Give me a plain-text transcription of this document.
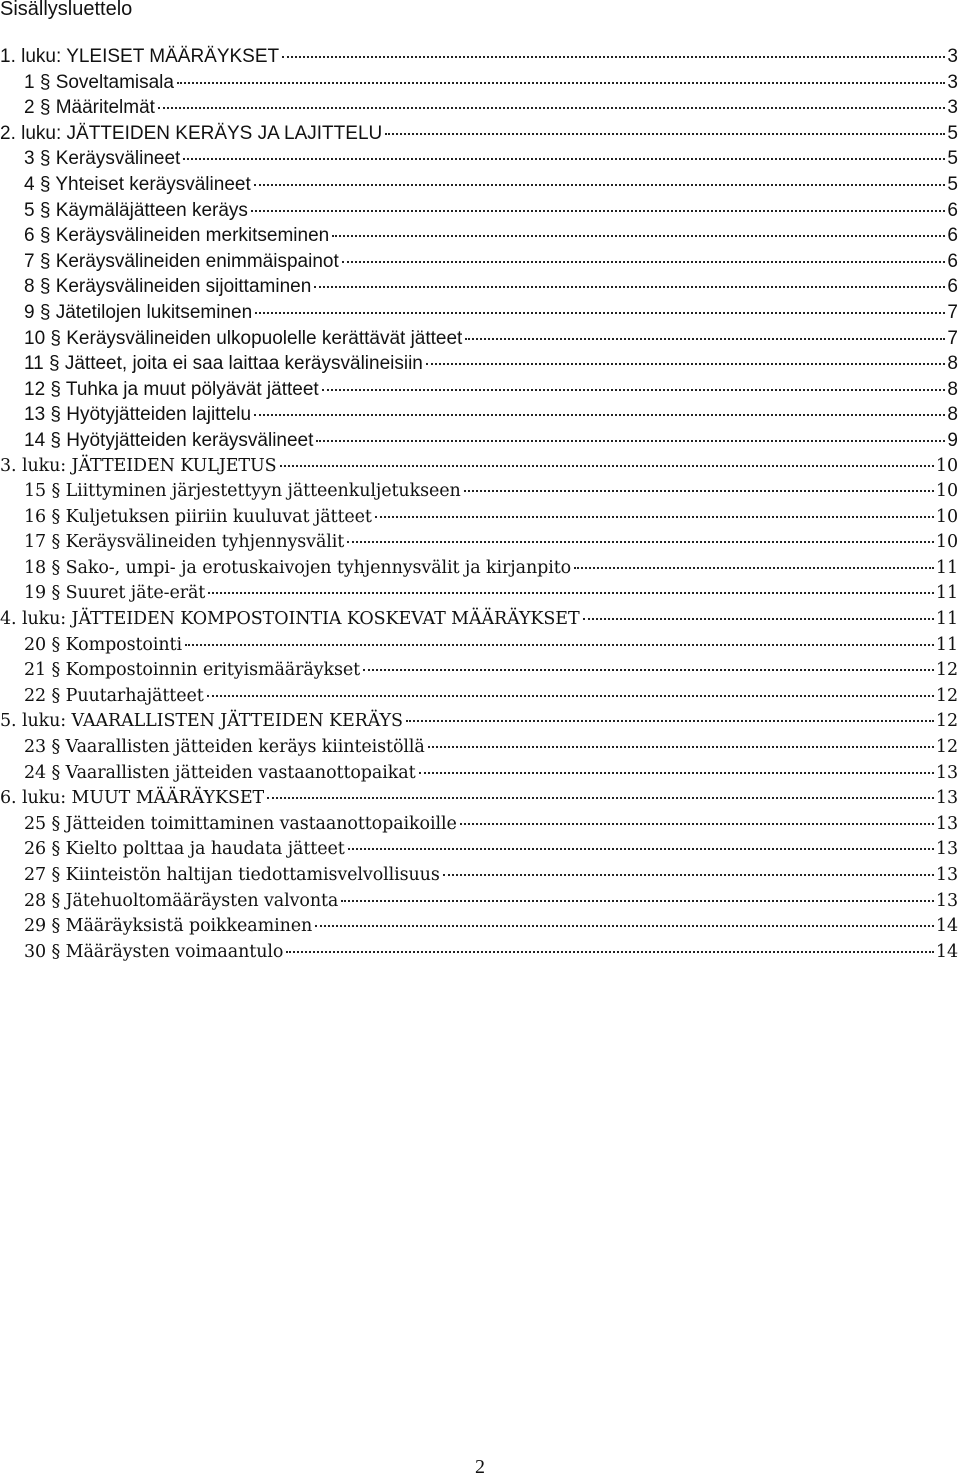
Sisällysluettelo
1. luku: YLEISET MÄÄRÄYKSET	3
1 § Soveltamisala	3
2 § Määritelmät	3
2. luku: JÄTTEIDEN KERÄYS JA LAJITTELU	5
3 § Keräysvälineet	5
4 § Yhteiset keräysvälineet	5
5 § Käymäläjätteen keräys	6
6 § Keräysvälineiden merkitseminen	6
7 § Keräysvälineiden enimmäispainot	6
8 § Keräysvälineiden sijoittaminen	6
9 § Jätetilojen lukitseminen	7
10 § Keräysvälineiden ulkopuolelle kerättävät jätteet	7
11 § Jätteet, joita ei saa laittaa keräysvälineisiin	8
12 § Tuhka ja muut pölyävät jätteet	8
13 § Hyötyjätteiden lajittelu	8
14 § Hyötyjätteiden keräysvälineet	9
3. luku: JÄTTEIDEN KULJETUS	10
15 § Liittyminen järjestettyyn jätteenkuljetukseen	10
16 § Kuljetuksen piiriin kuuluvat jätteet	10
17 § Keräysvälineiden tyhjennysvälit	10
18 § Sako-, umpi- ja erotuskaivojen tyhjennysvälit ja kirjanpito	11
19 § Suuret jäte-erät	11
4. luku: JÄTTEIDEN KOMPOSTOINTIA KOSKEVAT MÄÄRÄYKSET	11
20 § Kompostointi	11
21 § Kompostoinnin erityismääräykset	12
22 § Puutarhajätteet	12
5. luku: VAARALLISTEN JÄTTEIDEN KERÄYS	12
23 § Vaarallisten jätteiden keräys kiinteistöllä	12
24 § Vaarallisten jätteiden vastaanottopaikat	13
6. luku: MUUT MÄÄRÄYKSET	13
25 § Jätteiden toimittaminen vastaanottopaikoille	13
26 § Kielto polttaa ja haudata jätteet	13
27 § Kiinteistön haltijan tiedottamisvelvollisuus	13
28 § Jätehuoltomääräysten valvonta	13
29 § Määräyksistä poikkeaminen	14
30 § Määräysten voimaantulo	14
2
